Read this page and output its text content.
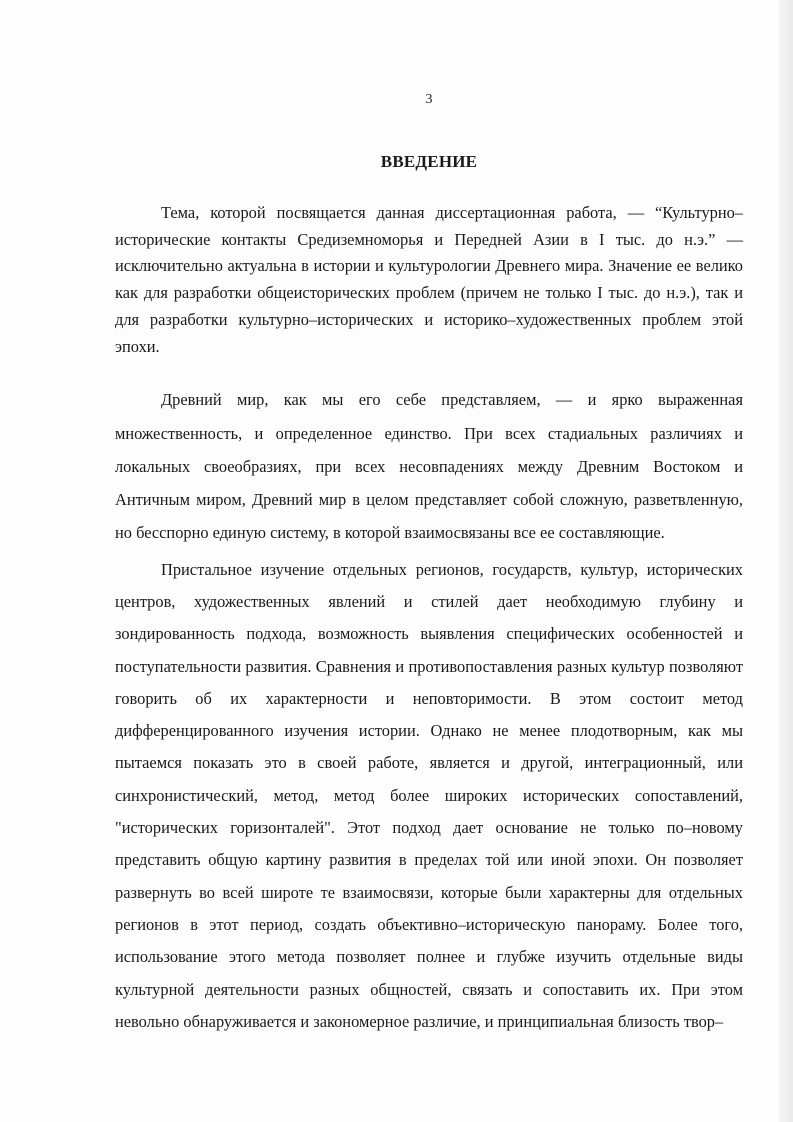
3
ВВЕДЕНИЕ

Тема, которой посвящается данная диссертационная работа, — “Культурно–исторические контакты Средиземноморья и Передней Азии в I тыс. до н.э.” — исключительно актуальна в истории и культурологии Древнего мира. Значение ее велико как для разработки общеисторических проблем (причем не только I тыс. до н.э.), так и для разработки культурно–исторических и историко–художественных проблем этой эпохи.

Древний мир, как мы его себе представляем, — и ярко выраженная множественность, и определенное единство. При всех стадиальных различиях и локальных своеобразиях, при всех несовпадениях между Древним Востоком и Античным миром, Древний мир в целом представляет собой сложную, разветвленную, но бесспорно единую систему, в которой взаимосвязаны все ее составляющие.

Пристальное изучение отдельных регионов, государств, культур, исторических центров, художественных явлений и стилей дает необходимую глубину и зондированность подхода, возможность выявления специфических особенностей и поступательности развития. Сравнения и противопоставления разных культур позволяют говорить об их характерности и неповторимости. В этом состоит метод дифференцированного изучения истории. Однако не менее плодотворным, как мы пытаемся показать это в своей работе, является и другой, интеграционный, или синхронистический, метод, метод более широких исторических сопоставлений, "исторических горизонталей". Этот подход дает основание не только по–новому представить общую картину развития в пределах той или иной эпохи. Он позволяет развернуть во всей широте те взаимосвязи, которые были характерны для отдельных регионов в этот период, создать объективно–историческую панораму. Более того, использование этого метода позволяет полнее и глубже изучить отдельные виды культурной деятельности разных общностей, связать и сопоставить их. При этом невольно обнаруживается и закономерное различие, и принципиальная близость твор–
